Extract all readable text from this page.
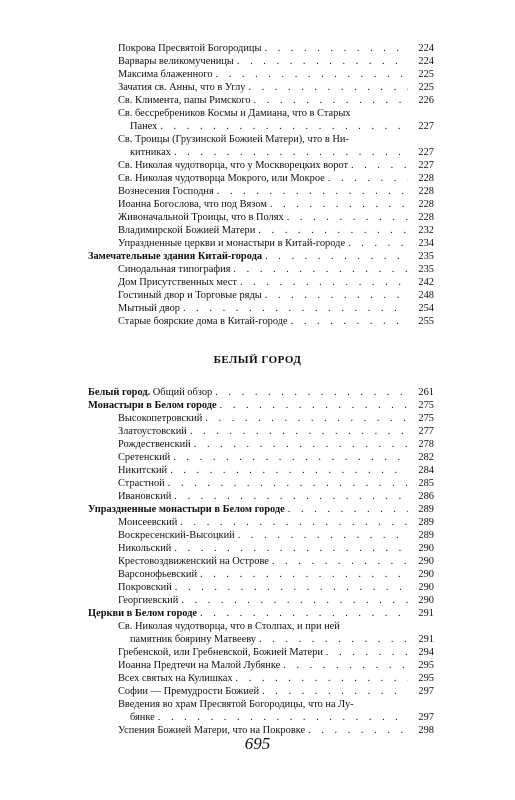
Покрова Пресвятой Богородицы . . .	224
Варвары великомученицы . . .	224
Максима блаженного . . .	225
Зачатия св. Анны, что в Углу . . .	225
Св. Климента, папы Римского . . .	226
Св. бессребреников Космы и Дамиана, что в Старых
Панех . . .	227
Св. Троицы (Грузинской Божией Матери), что в Ни-
китниках . . .	227
Св. Николая чудотворца, что у Москворецких ворот . . .	227
Св. Николая чудотворца Мокрого, или Мокрое . . .	228
Вознесения Господня . . .	228
Иоанна Богослова, что под Вязом . . .	228
Живоначальной Троицы, что в Полях . . .	228
Владимирской Божией Матери . . .	232
Упраздненные церкви и монастыри в Китай-городе . . .	234
Замечательные здания Китай-города . . .	235
Синодальная типография . . .	235
Дом Присутственных мест . . .	242
Гостиный двор и Торговые ряды . . .	248
Мытный двор . . .	254
Старые боярские дома в Китай-городе . . .	255
БЕЛЫЙ ГОРОД
Белый город. Общий обзор . . .	261
Монастыри в Белом городе . . .	275
Высокопетровский . . .	275
Златоустовский . . .	277
Рождественский . . .	278
Сретенский . . .	282
Никитский . . .	284
Страстной . . .	285
Ивановский . . .	286
Упраздненные монастыри в Белом городе . . .	289
Моисеевский . . .	289
Воскресенский-Высоцкий . . .	289
Никольский . . .	290
Крестовоздвиженский на Острове . . .	290
Варсонофьевский . . .	290
Покровский . . .	290
Георгиевский . . .	290
Церкви в Белом городе . . .	291
Св. Николая чудотворца, что в Столпах, и при ней
памятник боярину Матвееву . . .	291
Гребенской, или Гребневской, Божией Матери . . .	294
Иоанна Предтечи на Малой Лубянке . . .	295
Всех святых на Кулишках . . .	295
Софии — Премудрости Божией . . .	297
Введения во храм Пресвятой Богородицы, что на Лу-
бянке . . .	297
Успения Божией Матери, что на Покровке . . .	298
695
